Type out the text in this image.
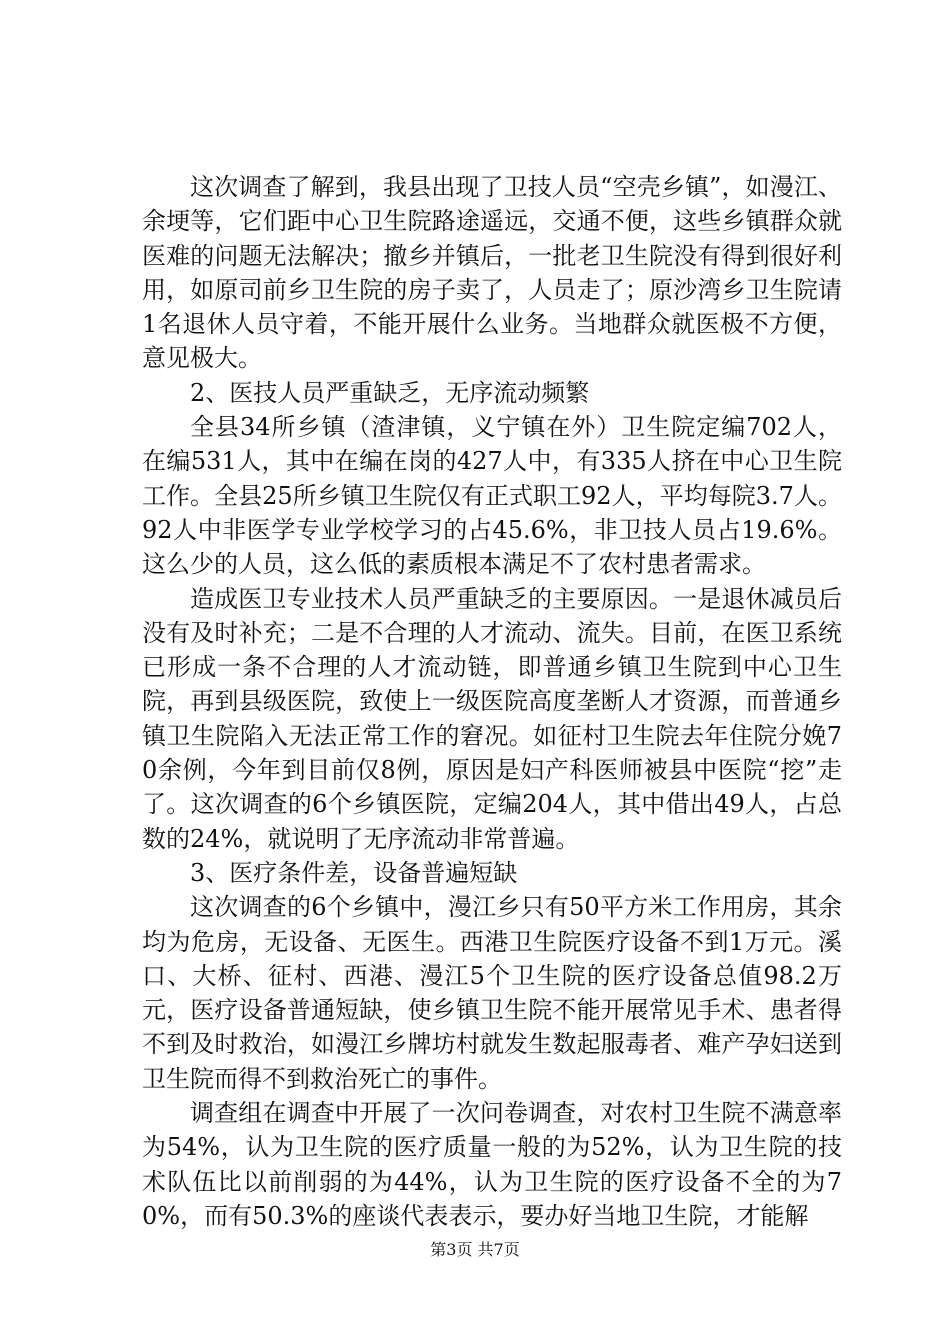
这次调查了解到，我县出现了卫技人员“空壳乡镇”，如漫江、余埂等，它们距中心卫生院路途遥远，交通不便，这些乡镇群众就医难的问题无法解决；撤乡并镇后，一批老卫生院没有得到很好利用，如原司前乡卫生院的房子卖了，人员走了；原沙湾乡卫生院请1名退休人员守着，不能开展什么业务。当地群众就医极不方便，意见极大。

2、医技人员严重缺乏，无序流动频繁

全县34所乡镇（渣津镇，义宁镇在外）卫生院定编702人，在编531人，其中在编在岗的427人中，有335人挤在中心卫生院工作。全县25所乡镇卫生院仅有正式职工92人，平均每院3.7人。92人中非医学专业学校学习的占45.6%，非卫技人员占19.6%。这么少的人员，这么低的素质根本满足不了农村患者需求。

造成医卫专业技术人员严重缺乏的主要原因。一是退休减员后没有及时补充；二是不合理的人才流动、流失。目前，在医卫系统已形成一条不合理的人才流动链，即普通乡镇卫生院到中心卫生院，再到县级医院，致使上一级医院高度垄断人才资源，而普通乡镇卫生院陷入无法正常工作的窘况。如征村卫生院去年住院分娩70余例，今年到目前仅8例，原因是妇产科医师被县中医院“挖”走了。这次调查的6个乡镇医院，定编204人，其中借出49人，占总数的24%，就说明了无序流动非常普遍。

3、医疗条件差，设备普遍短缺

这次调查的6个乡镇中，漫江乡只有50平方米工作用房，其余均为危房，无设备、无医生。西港卫生院医疗设备不到1万元。溪口、大桥、征村、西港、漫江5个卫生院的医疗设备总值98.2万元，医疗设备普通短缺，使乡镇卫生院不能开展常见手术、患者得不到及时救治，如漫江乡牌坊村就发生数起服毒者、难产孕妇送到卫生院而得不到救治死亡的事件。

调查组在调查中开展了一次问卷调查，对农村卫生院不满意率为54%，认为卫生院的医疗质量一般的为52%，认为卫生院的技术队伍比以前削弱的为44%，认为卫生院的医疗设备不全的为70%，而有50.3%的座谈代表表示，要办好当地卫生院，才能解

第3页 共7页
